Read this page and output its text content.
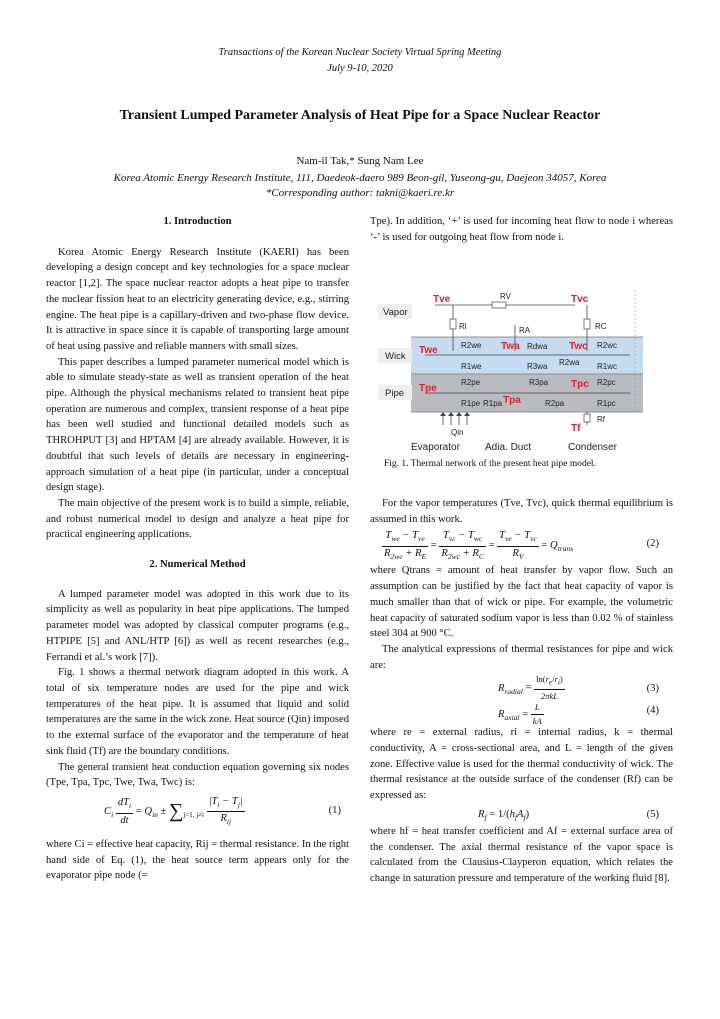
Transactions of the Korean Nuclear Society Virtual Spring Meeting
July 9-10, 2020
Transient Lumped Parameter Analysis of Heat Pipe for a Space Nuclear Reactor
Nam-il Tak,* Sung Nam Lee
Korea Atomic Energy Research Institute, 111, Daedeok-daero 989 Beon-gil, Yuseong-gu, Daejeon 34057, Korea
*Corresponding author: takni@kaeri.re.kr
1. Introduction

Korea Atomic Energy Research Institute (KAERI) has been developing a design concept and key technologies for a space nuclear reactor [1,2]. The space nuclear reactor adopts a heat pipe to transfer the nuclear fission heat to an electricity generating device, e.g., stirring engine. The heat pipe is a capillary-driven and two-phase flow device. It is attractive in space since it is capable of transporting large amount of heat using passive and reliable manners with small sizes.

This paper describes a lumped parameter numerical model which is able to simulate steady-state as well as transient operation of the heat pipe. Although the physical mechanisms related to transient heat pipe operation are numerous and complex, transient response of a heat pipe has been well studied and functional detailed models such as THROHPUT [3] and HPTAM [4] are already available. However, it is doubtful that such levels of details are necessary in engineering-approach simulation of a heat pipe (in particular, under a conceptual design stage).

The main objective of the present work is to build a simple, reliable, and robust numerical model to design and analyze a heat pipe for practical engineering applications.

2. Numerical Method

A lumped parameter model was adopted in this work due to its simplicity as well as popularity in heat pipe applications. The lumped parameter model was adopted by classical computer programs (e.g., HTPIPE [5] and ANL/HTP [6]) as well as recent researches (e.g., Ferrandi et al.’s work [7]).

Fig. 1 shows a thermal network diagram adopted in this work. A total of six temperature nodes are used for the pipe and wick temperatures of the heat pipe. It is assumed that liquid and solid temperatures are the same in the wick zone. Heat source (Qin) imposed to the external surface of the evaporator and the temperature of heat sink fluid (Tf) are the boundary conditions.

The general transient heat conduction equation governing six nodes (Tpe, Tpa, Tpc, Twe, Twa, Twc) is:

$C_i \frac{dT_i}{dt} = Q_{in} \pm \sum_{j=1, j\ne i} \frac{|T_i - T_j|}{R_{ij}}$	(1)

where Ci = effective heat capacity, Rij = thermal resistance. In the right hand side of Eq. (1), the heat source term appears only for the evaporator pipe node (=

Tpe). In addition, ‘+’ is used for incoming heat flow to node i whereas ‘-’ is used for outgoing heat flow from node i.

Vapor
Wick
Pipe
Tve	Tvc
RV
Rl	RA	RC
Twe	Twa	Twc
R2we
R1we
Rdwa
R3wa R2wa
R2wc
R1wc
Tpe
Tpa
Tpc
R2pe
R1pe
R3pa
R1pa	R2pa
R2pc
R1pc
Qin	Tf
Rf
Evaporator	Adia. Duct	Condenser
Fig. 1. Thermal network of the present heat pipe model.

For the vapor temperatures (Tve, Tvc), quick thermal equilibrium is assumed in this work.

$\frac{T_{we} - T_{ve}}{R_{2we} + R_E} = \frac{T_{vc} - T_{wc}}{R_{2wc} + R_C} = \frac{T_{ve} - T_{vc}}{R_V} = Q_{trans}$	(2)

where Qtrans = amount of heat transfer by vapor flow. Such an assumption can be justified by the fact that heat capacity of vapor is much smaller than that of wick or pipe. For example, the volumetric heat capacity of saturated sodium vapor is less than 0.02 % of stainless steel 304 at 900 °C.

The analytical expressions of thermal resistances for pipe and wick are:

$R_{radial} = \frac{\ln(r_e/r_i)}{\text{2πkL}}$	(3)
$R_{axial} = \frac{L}{kA}$	(4)

where re = external radius, ri = internal radius, k = thermal conductivity, A = cross-sectional area, and L = length of the given zone. Effective value is used for the thermal conductivity of wick. The thermal resistance at the outside surface of the condenser (Rf) can be expressed as:

$R_f = 1/(h_fA_f)$	(5)

where hf = heat transfer coefficient and Af = external surface area of the condenser. The axial thermal resistance of the vapor space is calculated from the Clausius-Clayperon equation, which relates the change in saturation pressure and temperature of the working fluid [8].
